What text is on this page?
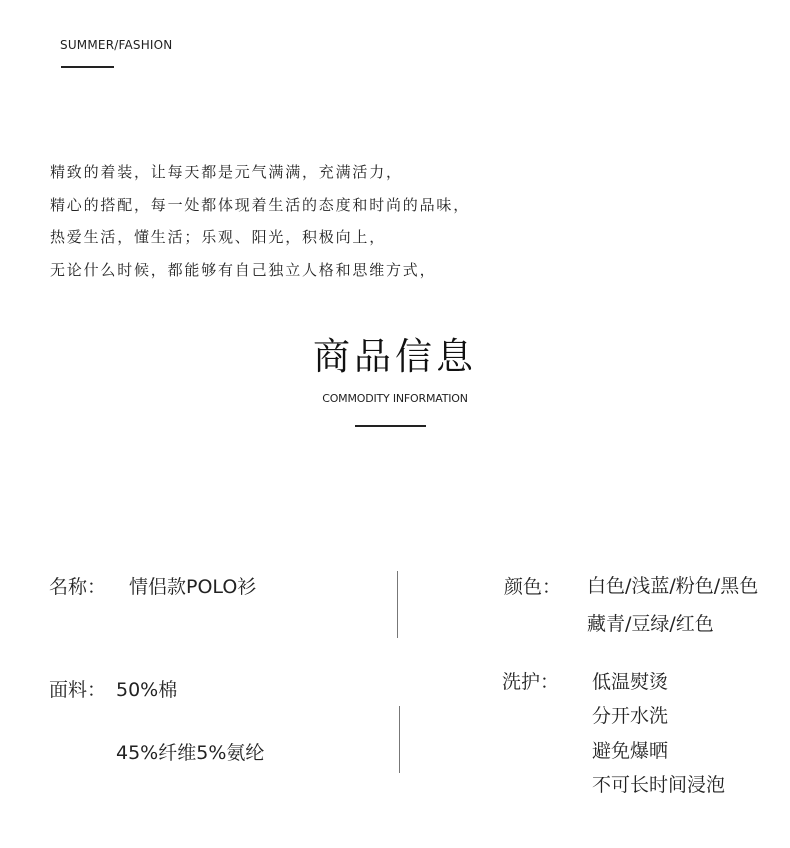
SUMMER/FASHION
精致的着装，让每天都是元气满满，充满活力，
精心的搭配，每一处都体现着生活的态度和时尚的品味，
热爱生活，懂生活；乐观、阳光，积极向上，
无论什么时候，都能够有自己独立人格和思维方式，
商品信息
COMMODITY INFORMATION
名称： 情侣款POLO衫	颜色： 白色/浅蓝/粉色/黑色
藏青/豆绿/红色
面料： 50%棉
45%纤维5%氨纶
洗护： 低温熨烫
分开水洗
避免爆晒
不可长时间浸泡
